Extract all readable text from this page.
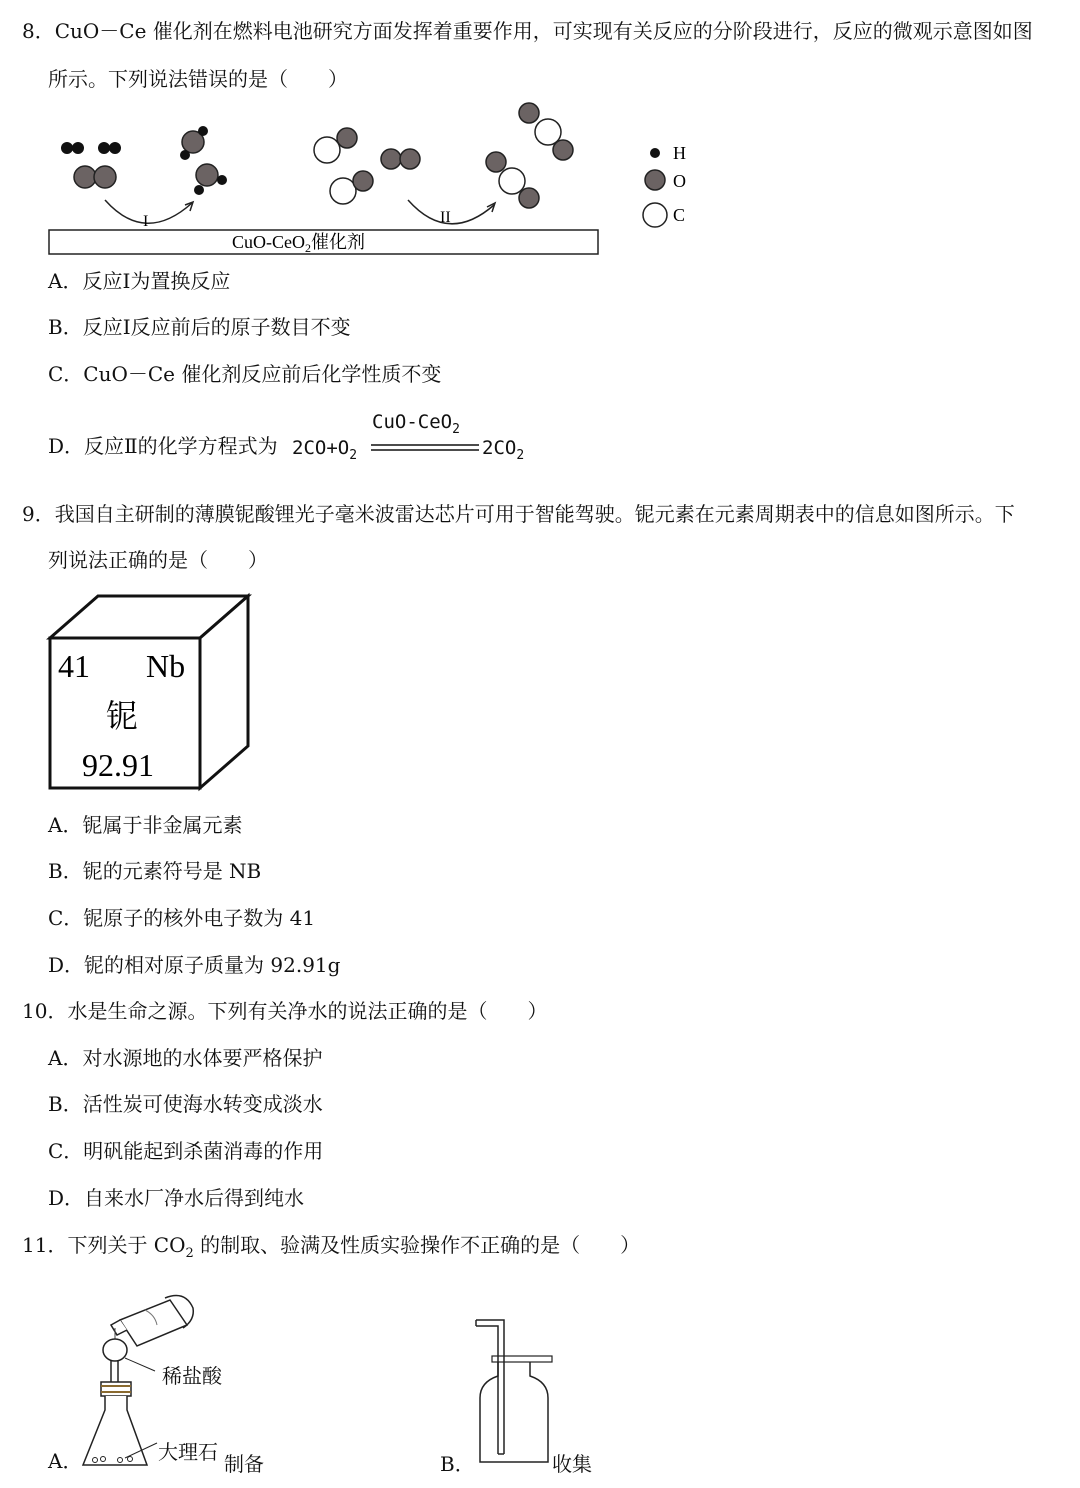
8．CuO－Ce 催化剂在燃料电池研究方面发挥着重要作用，可实现有关反应的分阶段进行，反应的微观示意图如图
所示。下列说法错误的是（　　）
CuO-CeO$_2$催化剂
I	II
H
O
C
A．反应Ⅰ为置换反应
B．反应Ⅰ反应前后的原子数目不变
C．CuO－Ce 催化剂反应前后化学性质不变
D．反应Ⅱ的化学方程式为 $2CO+O_2$
CuO-CeO$_2$
$2CO_2$
9．我国自主研制的薄膜铌酸锂光子毫米波雷达芯片可用于智能驾驶。铌元素在元素周期表中的信息如图所示。下
列说法正确的是（　　）
41 Nb
铌
92.91
A．铌属于非金属元素
B．铌的元素符号是 NB
C．铌原子的核外电子数为 41
D．铌的相对原子质量为 92.91g
10．水是生命之源。下列有关净水的说法正确的是（　　）
A．对水源地的水体要严格保护
B．活性炭可使海水转变成淡水
C．明矾能起到杀菌消毒的作用
D．自来水厂净水后得到纯水
11．下列关于 $CO_2$ 的制取、验满及性质实验操作不正确的是（　　）
A．
稀盐酸
大理石 制备	B．	收集
